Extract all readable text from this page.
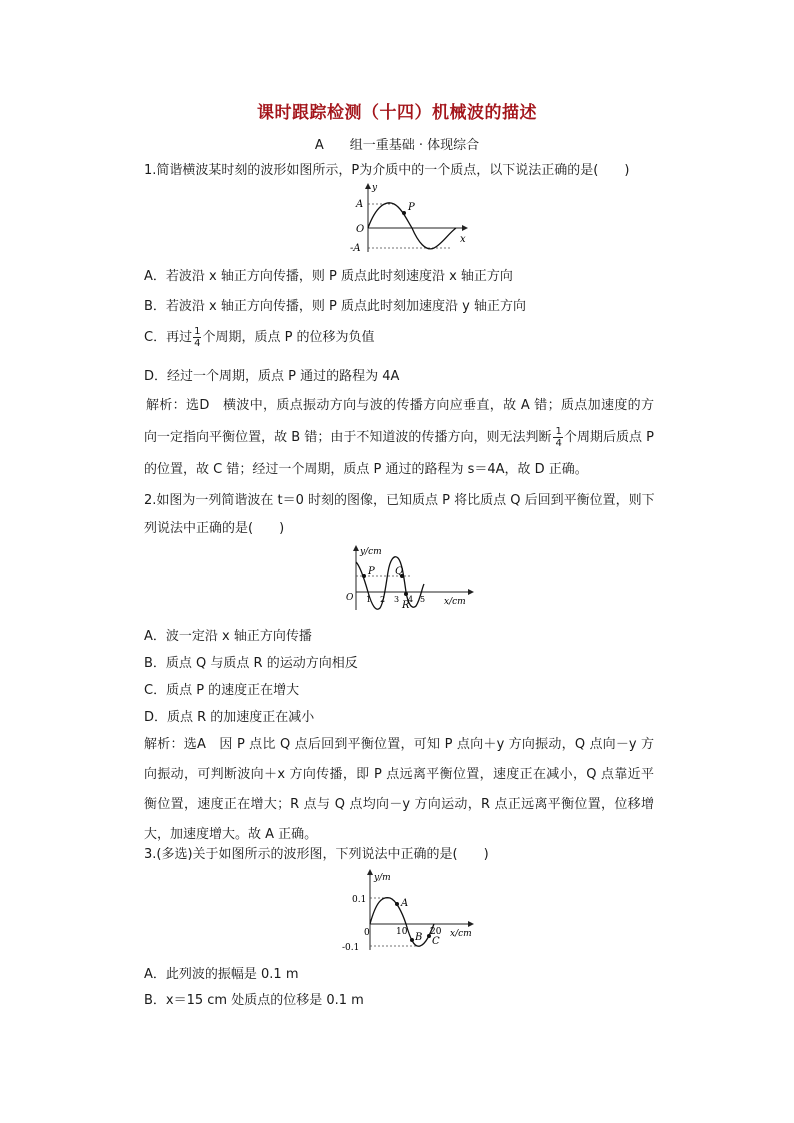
课时跟踪检测（十四）机械波的描述
A　　组一重基础 · 体现综合
1.简谐横波某时刻的波形如图所示，P为介质中的一个质点，以下说法正确的是(　　)
P
y
x
O
A
-A
A．若波沿 x 轴正方向传播，则 P 质点此时刻速度沿 x 轴正方向
B．若波沿 x 轴正方向传播，则 P 质点此时刻加速度沿 y 轴正方向
C．再过 $\frac{1}{4}$ 个周期，质点 P 的位移为负值
D．经过一个周期，质点 P 通过的路程为 4A
解析：选D　横波中，质点振动方向与波的传播方向应垂直，故 A 错；质点加速度的方向一定指向平衡位置，故 B 错；由于不知道波的传播方向，则无法判断 $\frac{1}{4}$ 个周期后质点 P 的位置，故 C 错；经过一个周期，质点 P 通过的路程为 s＝4A，故 D 正确。
2.如图为一列简谐波在 t＝0 时刻的图像，已知质点 P 将比质点 Q 后回到平衡位置，则下
列说法中正确的是(　　)
P Q
R
y/cm
x/cm
O 1 2 3 4 5
A．波一定沿 x 轴正方向传播
B．质点 Q 与质点 R 的运动方向相反
C．质点 P 的速度正在增大
D．质点 R 的加速度正在减小
解析：选A　因 P 点比 Q 点后回到平衡位置，可知 P 点向＋y 方向振动，Q 点向－y 方向振动，可判断波向＋x 方向传播，即 P 点远离平衡位置，速度正在减小，Q 点靠近平衡位置，速度正在增大；R 点与 Q 点均向－y 方向运动，R 点正远离平衡位置，位移增大，加速度增大。故 A 正确。
3.(多选)关于如图所示的波形图，下列说法中正确的是(　　)
A
B C
y/m
x/cm
0
0.1
-0.1
10	20
A．此列波的振幅是 0.1 m
B．x＝15 cm 处质点的位移是 0.1 m
